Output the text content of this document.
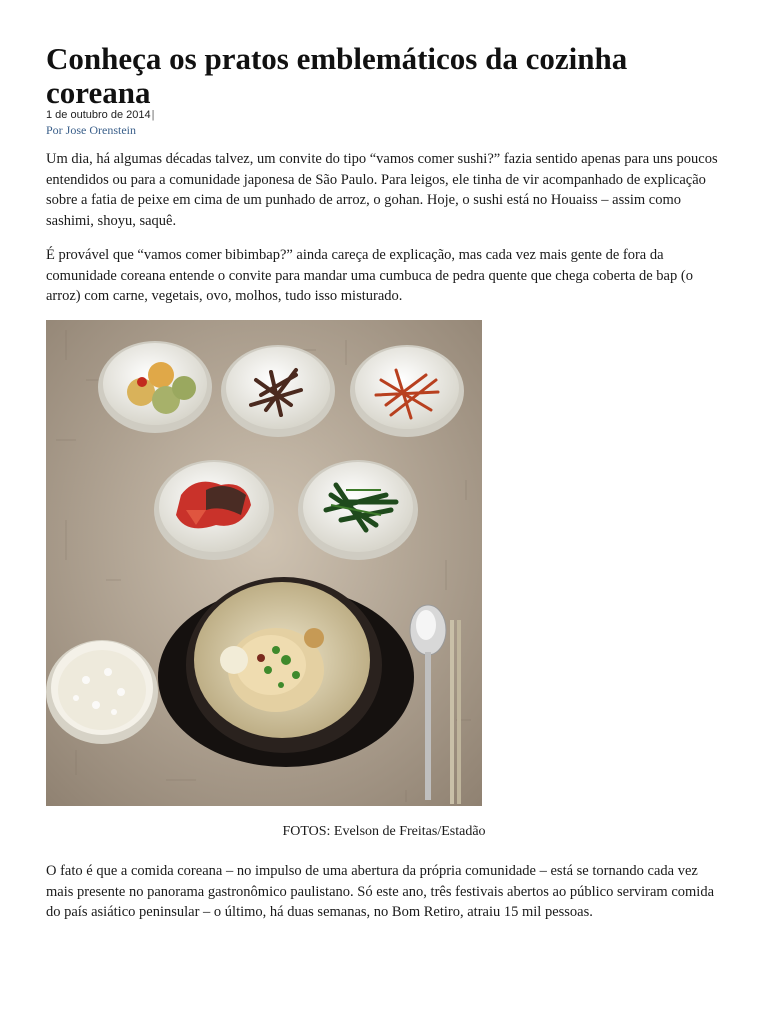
Conheça os pratos emblemáticos da cozinha coreana
1 de outubro de 2014|
Por Jose Orenstein

Um dia, há algumas décadas talvez, um convite do tipo “vamos comer sushi?” fazia sentido apenas para uns poucos entendidos ou para a comunidade japonesa de São Paulo. Para leigos, ele tinha de vir acompanhado de explicação sobre a fatia de peixe em cima de um punhado de arroz, o gohan. Hoje, o sushi está no Houaiss – assim como sashimi, shoyu, saquê.

É provável que “vamos comer bibimbap?” ainda careça de explicação, mas cada vez mais gente de fora da comunidade coreana entende o convite para mandar uma cumbuca de pedra quente que chega coberta de bap (o arroz) com carne, vegetais, ovo, molhos, tudo isso misturado.

FOTOS: Evelson de Freitas/Estadão

O fato é que a comida coreana – no impulso de uma abertura da própria comunidade – está se tornando cada vez mais presente no panorama gastronômico paulistano. Só este ano, três festivais abertos ao público serviram comida do país asiático peninsular – o último, há duas semanas, no Bom Retiro, atraiu 15 mil pessoas.
